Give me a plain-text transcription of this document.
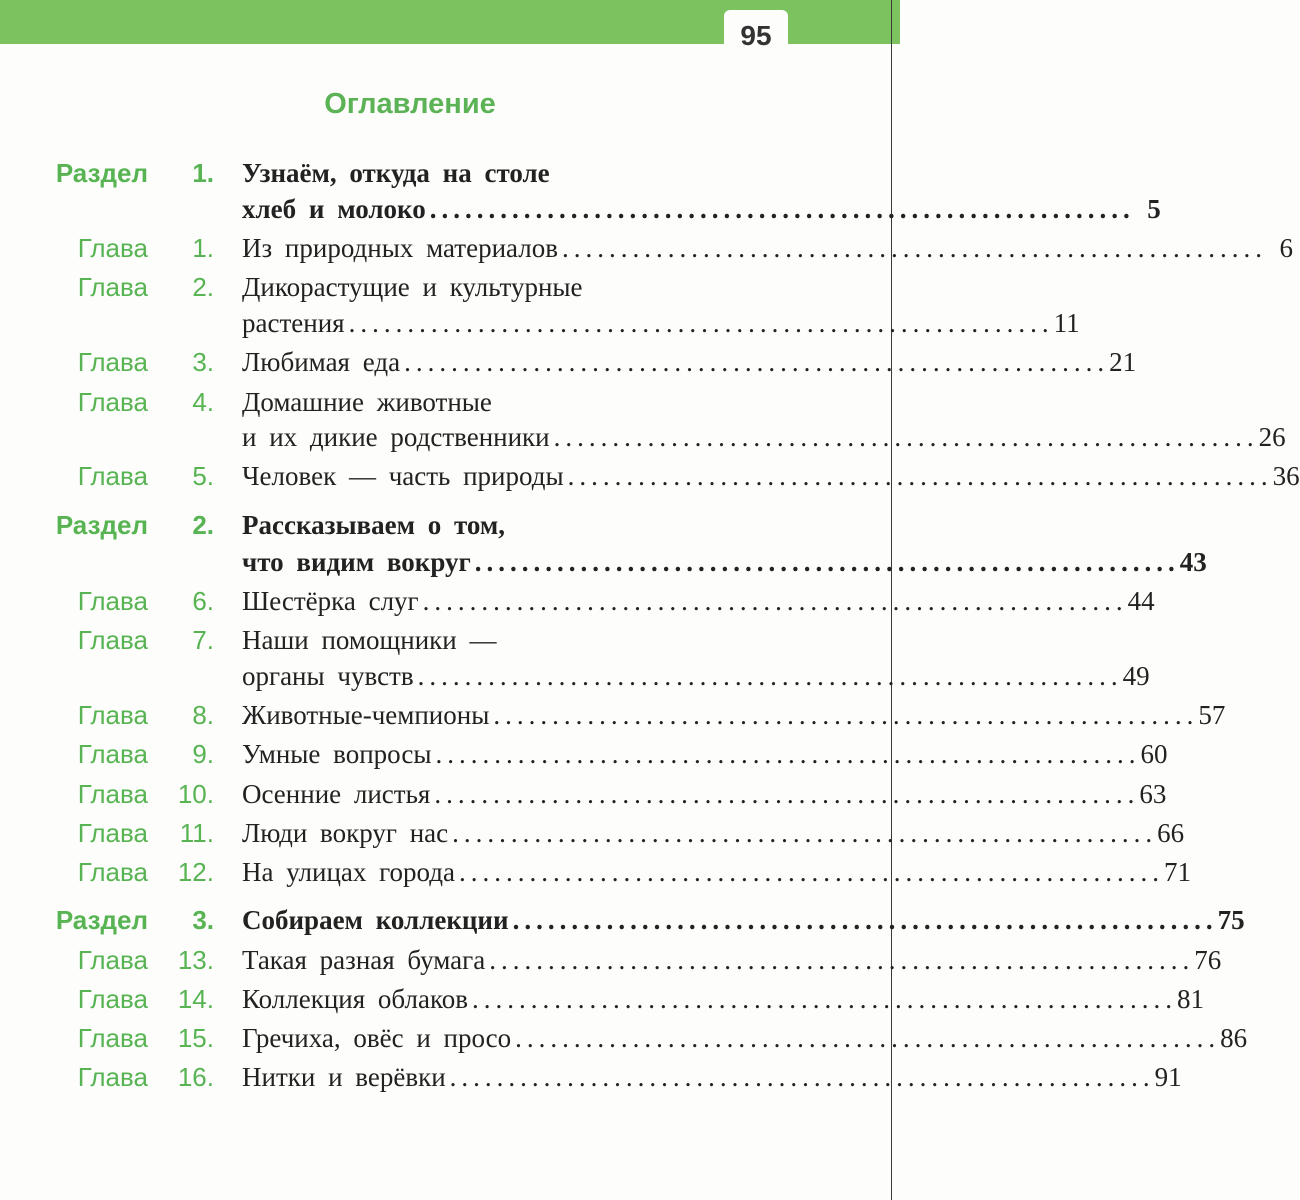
95
Оглавление
Раздел	1. Узнаём, откуда на столе
хлеб и молоко ............................................................ 5
Глава	1. Из природных материалов ............................................................ 6
Глава	2. Дикорастущие и культурные
растения ............................................................ 11
Глава	3. Любимая еда ............................................................ 21
Глава	4. Домашние животные
и их дикие родственники ............................................................ 26
Глава	5. Человек — часть природы ............................................................ 36
Раздел	2. Рассказываем о том,
что видим вокруг ............................................................ 43
Глава	6. Шестёрка слуг ............................................................ 44
Глава	7. Наши помощники —
органы чувств ............................................................ 49
Глава	8. Животные-чемпионы ............................................................ 57
Глава	9. Умные вопросы ............................................................ 60
Глава	10. Осенние листья ............................................................ 63
Глава	11. Люди вокруг нас ............................................................ 66
Глава	12. На улицах города ............................................................ 71
Раздел	3. Собираем коллекции ............................................................ 75
Глава	13. Такая разная бумага ............................................................ 76
Глава	14. Коллекция облаков ............................................................ 81
Глава	15. Гречиха, овёс и просо ............................................................ 86
Глава	16. Нитки и верёвки ............................................................ 91
